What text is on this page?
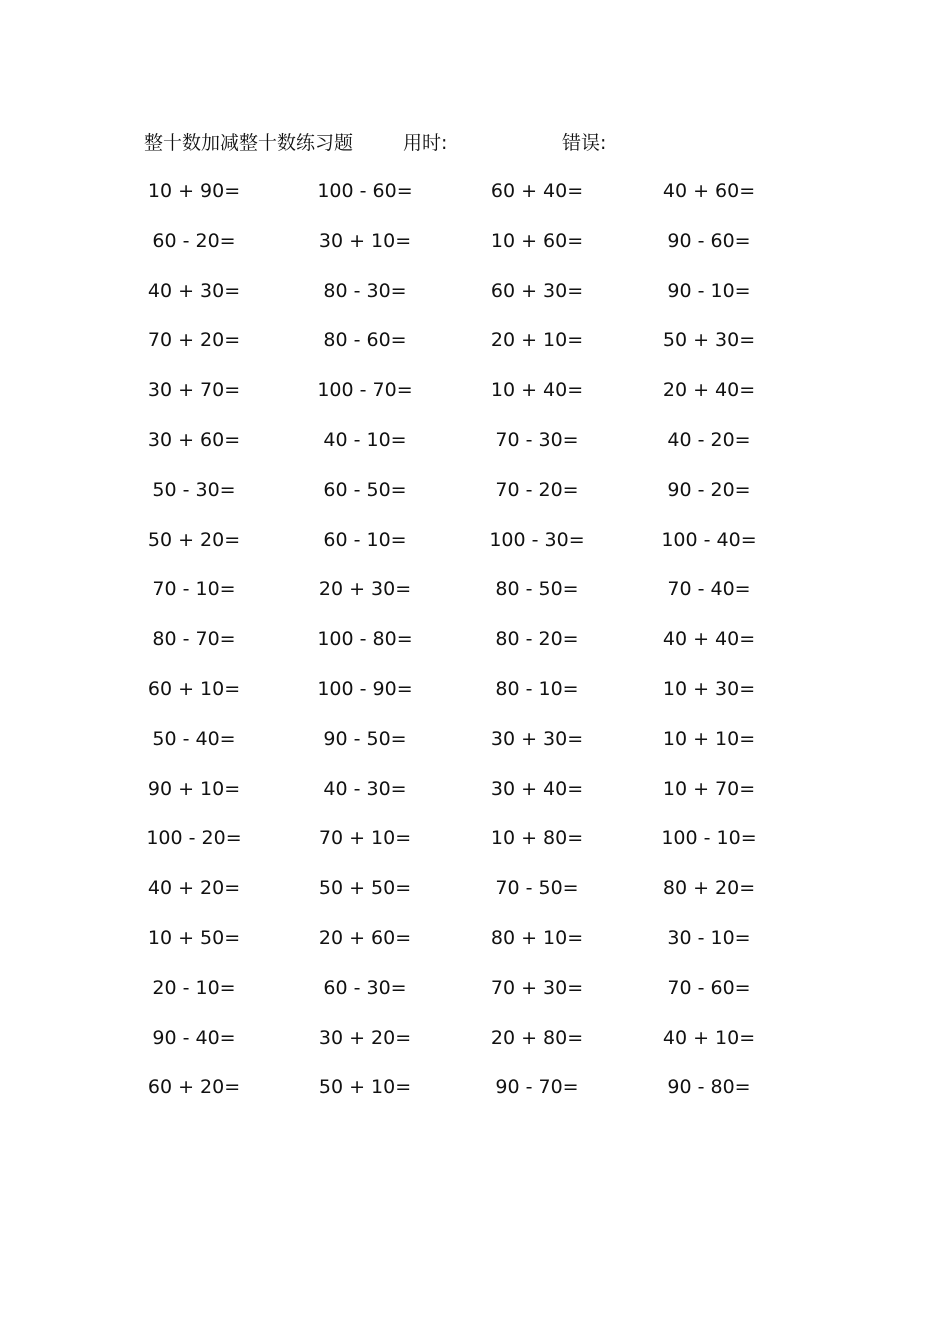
整十数加减整十数练习题	用时:	错误:
10 + 90=	100 - 60=	60 + 40=	40 + 60=
60 - 20=	30 + 10=	10 + 60=	90 - 60=
40 + 30=	80 - 30=	60 + 30=	90 - 10=
70 + 20=	80 - 60=	20 + 10=	50 + 30=
30 + 70=	100 - 70=	10 + 40=	20 + 40=
30 + 60=	40 - 10=	70 - 30=	40 - 20=
50 - 30=	60 - 50=	70 - 20=	90 - 20=
50 + 20=	60 - 10=	100 - 30=	100 - 40=
70 - 10=	20 + 30=	80 - 50=	70 - 40=
80 - 70=	100 - 80=	80 - 20=	40 + 40=
60 + 10=	100 - 90=	80 - 10=	10 + 30=
50 - 40=	90 - 50=	30 + 30=	10 + 10=
90 + 10=	40 - 30=	30 + 40=	10 + 70=
100 - 20=	70 + 10=	10 + 80=	100 - 10=
40 + 20=	50 + 50=	70 - 50=	80 + 20=
10 + 50=	20 + 60=	80 + 10=	30 - 10=
20 - 10=	60 - 30=	70 + 30=	70 - 60=
90 - 40=	30 + 20=	20 + 80=	40 + 10=
60 + 20=	50 + 10=	90 - 70=	90 - 80=
